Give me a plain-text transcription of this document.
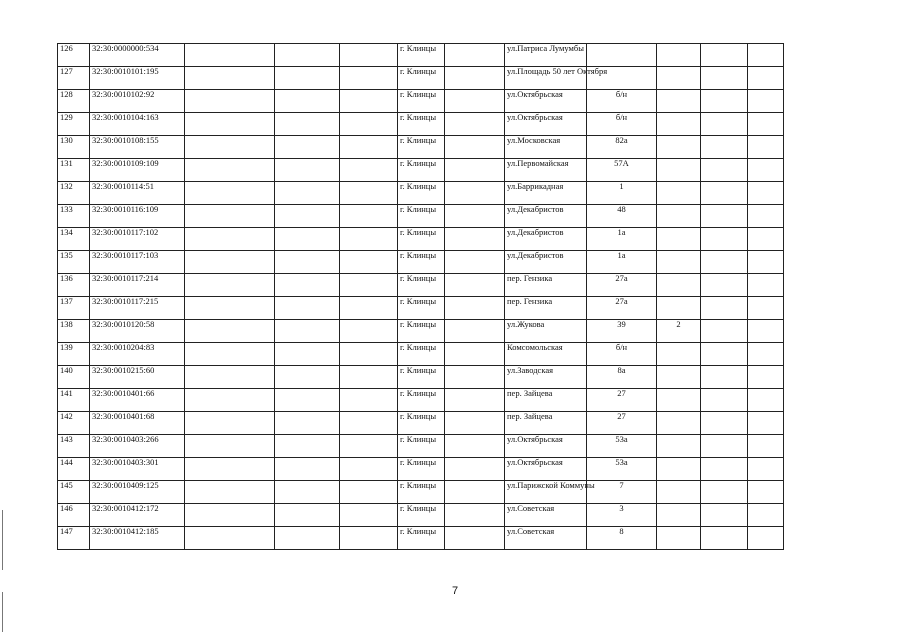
126	32:30:0000000:534				г. Клинцы		ул.Патриса Лумумбы				
127	32:30:0010101:195				г. Клинцы		ул.Площадь 50 лет Октября				
128	32:30:0010102:92				г. Клинцы		ул.Октябрьская	б/н			
129	32:30:0010104:163				г. Клинцы		ул.Октябрьская	б/н			
130	32:30:0010108:155				г. Клинцы		ул.Московская	82а			
131	32:30:0010109:109				г. Клинцы		ул.Первомайская	57А			
132	32:30:0010114:51				г. Клинцы		ул.Баррикадная	1			
133	32:30:0010116:109				г. Клинцы		ул.Декабристов	48			
134	32:30:0010117:102				г. Клинцы		ул.Декабристов	1а			
135	32:30:0010117:103				г. Клинцы		ул.Декабристов	1а			
136	32:30:0010117:214				г. Клинцы		пер. Гензика	27а			
137	32:30:0010117:215				г. Клинцы		пер. Гензика	27а			
138	32:30:0010120:58				г. Клинцы		ул.Жукова	39	2		
139	32:30:0010204:83				г. Клинцы		Комсомольская	б/н			
140	32:30:0010215:60				г. Клинцы		ул.Заводская	8а			
141	32:30:0010401:66				г. Клинцы		пер. Зайцева	27			
142	32:30:0010401:68				г. Клинцы		пер. Зайцева	27			
143	32:30:0010403:266				г. Клинцы		ул.Октябрьская	53а			
144	32:30:0010403:301				г. Клинцы		ул.Октябрьская	53а			
145	32:30:0010409:125				г. Клинцы		ул.Парижской Коммуны	7			
146	32:30:0010412:172				г. Клинцы		ул.Советская	3			
147	32:30:0010412:185				г. Клинцы		ул.Советская	8			
7
